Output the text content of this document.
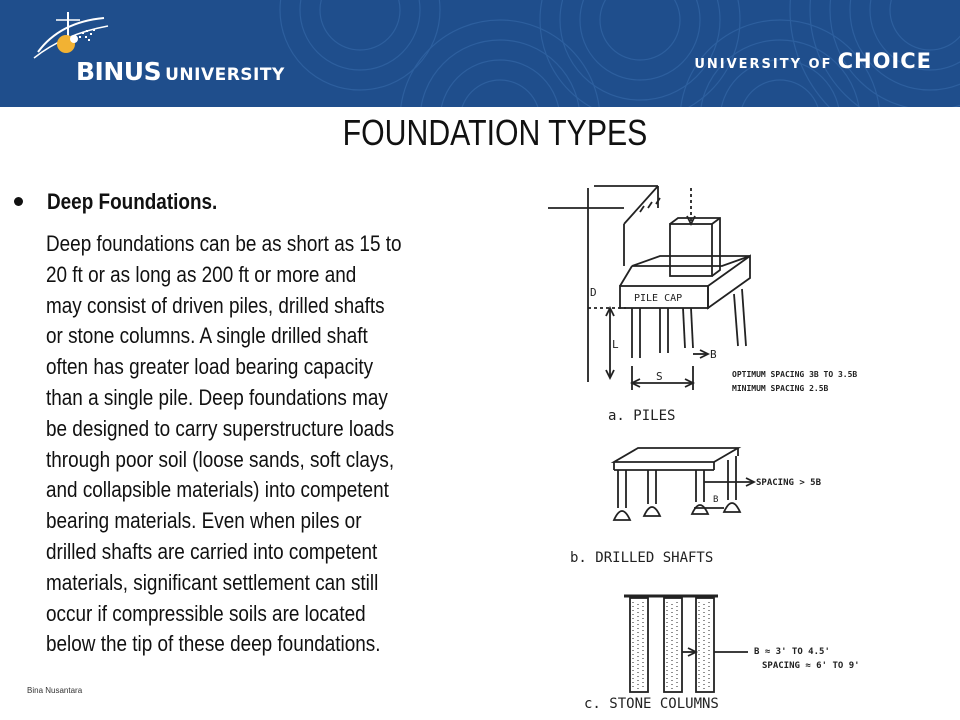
BINUS UNIVERSITY
UNIVERSITY OF CHOICE
FOUNDATION TYPES
Deep Foundations.
Deep foundations can be as short as 15 to
20 ft or as long as 200 ft or more and
may consist of driven piles, drilled shafts
or stone columns. A single drilled shaft
often has greater load bearing capacity
than a single pile. Deep foundations may
be designed to carry superstructure loads
through poor soil (loose sands, soft clays,
and collapsible materials) into competent
bearing materials. Even when piles or
drilled shafts are carried into competent
materials, significant settlement can still
occur if compressible soils are located
below the tip of these deep foundations.
PILE CAP
D
L
B
S	OPTIMUM SPACING 3B TO 3.5B
MINIMUM SPACING 2.5B
a. PILES
SPACING > 5B
B
b. DRILLED SHAFTS
B ≈ 3' TO 4.5'
SPACING ≈ 6' TO 9'
c. STONE COLUMNS
Bina Nusantara
